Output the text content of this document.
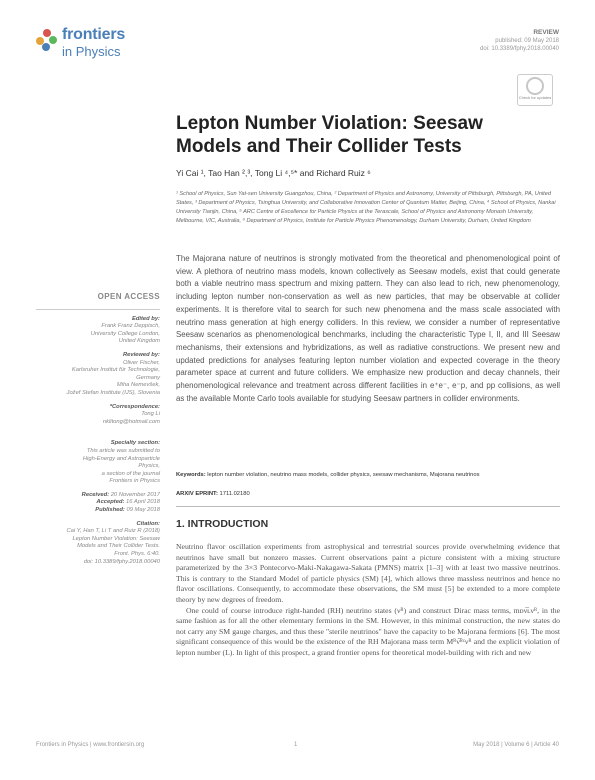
frontiers
in Physics
REVIEW
published: 09 May 2018
doi: 10.3389/fphy.2018.00040
Check for updates
Lepton Number Violation: Seesaw Models and Their Collider Tests
Yi Cai ¹, Tao Han ²,³, Tong Li ⁴,⁵* and Richard Ruiz ⁶
¹ School of Physics, Sun Yat-sen University Guangzhou, China, ² Department of Physics and Astronomy, University of Pittsburgh, Pittsburgh, PA, United States, ³ Department of Physics, Tsinghua University, and Collaborative Innovation Center of Quantum Matter, Beijing, China, ⁴ School of Physics, Nankai University Tianjin, China, ⁵ ARC Centre of Excellence for Particle Physics at the Terascale, School of Physics and Astronomy Monash University, Melbourne, VIC, Australia, ⁶ Department of Physics, Institute for Particle Physics Phenomenology, Durham University, Durham, United Kingdom
The Majorana nature of neutrinos is strongly motivated from the theoretical and phenomenological point of view. A plethora of neutrino mass models, known collectively as Seesaw models, exist that could generate both a viable neutrino mass spectrum and mixing pattern. They can also lead to rich, new phenomenology, including lepton number non-conservation as well as new particles, that may be observable at collider experiments. It is therefore vital to search for such new phenomena and the mass scale associated with neutrino mass generation at high energy colliders. In this review, we consider a number of representative Seesaw scenarios as phenomenological benchmarks, including the characteristic Type I, II, and III Seesaw mechanisms, their extensions and hybridizations, as well as radiative constructions. We present new and updated predictions for analyses featuring lepton number violation and expected coverage in the theory parameter space at current and future colliders. We emphasize new production and decay channels, their phenomenological relevance and treatment across different facilities in e⁺e⁻, e⁻p, and pp collisions, as well as the available Monte Carlo tools available for studying Seesaw partners in collider environments.
Keywords: lepton number violation, neutrino mass models, collider physics, seesaw mechanisms, Majorana neutrinos
ARXIV EPRINT: 1711.02180
1. INTRODUCTION

Neutrino flavor oscillation experiments from astrophysical and terrestrial sources provide overwhelming evidence that neutrinos have small but nonzero masses. Current observations paint a picture consistent with a mixing structure parameterized by the 3×3 Pontecorvo-Maki-Nakagawa-Sakata (PMNS) matrix [1–3] with at least two massive neutrinos. This is contrary to the Standard Model of particle physics (SM) [4], which allows three massless neutrinos and hence no flavor oscillations. Consequently, to accommodate these observations, the SM must [5] be extended to a more complete theory by new degrees of freedom.

One could of course introduce right-handed (RH) neutrino states (νᴿ) and construct Dirac mass terms, mᴅν̅ʟνᴿ, in the same fashion as for all the other elementary fermions in the SM. However, in this minimal construction, the new states do not carry any SM gauge charges, and thus these "sterile neutrinos" have the capacity to be Majorana fermions [6]. The most significant consequence of this would be the existence of the RH Majorana mass term Mᴿν̅ᴿᶜνᴿ and the explicit violation of lepton number (L). In light of this prospect, a grand frontier opens for theoretical model-building with rich and new

OPEN ACCESS
Edited by:
Frank Franz Deppisch,
University College London,
United Kingdom
Reviewed by:
Oliver Fischer,
Karlsruher Institut für Technologie,
Germany
Miha Nemevšek,
Jožef Stefan Institute (IJS), Slovenia
*Correspondence:
Tong Li
nklitong@hotmail.com
Specialty section:
This article was submitted to
High-Energy and Astroparticle
Physics,
a section of the journal
Frontiers in Physics
Received: 20 November 2017
Accepted: 16 April 2018
Published: 09 May 2018
Citation:
Cai Y, Han T, Li T and Ruiz R (2018)
Lepton Number Violation: Seesaw
Models and Their Collider Tests.
Front. Phys. 6:40.
doi: 10.3389/fphy.2018.00040
Frontiers in Physics | www.frontiersin.org	1	May 2018 | Volume 6 | Article 40
